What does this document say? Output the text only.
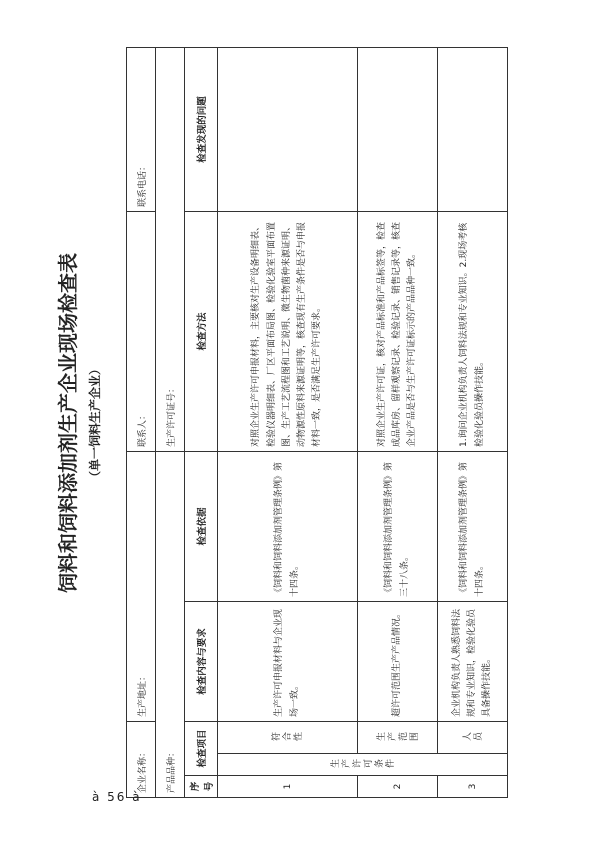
饲料和饲料添加剂生产企业现场检查表 （单一饲料生产企业）
企业名称：			生产地址：		联系人：	联系电话：
产品品种：					生产许可证号：	
序号	检查项目		检查内容与要求	检查依据	检查方法	检查发现的问题
1	生产许可条件	符合性	生产许可申报材料与企业现场一致。	《饲料和饲料添加剂管理条例》第十四条。	对照企业生产许可申报材料，主要核对生产设备明细表、检验仪器明细表、厂区平面布局图、检验化验室平面布置图、生产工艺流程图和工艺说明、微生物菌种来源证明、动物源性原料来源证明等，核查现有生产条件是否与申报材料一致，是否满足生产许可要求。	
2		生产范围	超许可范围生产产品情况。	《饲料和饲料添加剂管理条例》第三十八条。	对照企业生产许可证，核对产品标准和产品标签等，检查成品库房、留样观察记录、检验记录、销售记录等，核查企业产品是否与生产许可证标示的产品品种一致。	
3		人员	企业机构负责人熟悉饲料法规和专业知识，检验化验员具备操作技能。	《饲料和饲料添加剂管理条例》第十四条。	1.询问企业机构负责人饲料法规和专业知识。2.现场考核检验化验员操作技能。	
à 56 à
